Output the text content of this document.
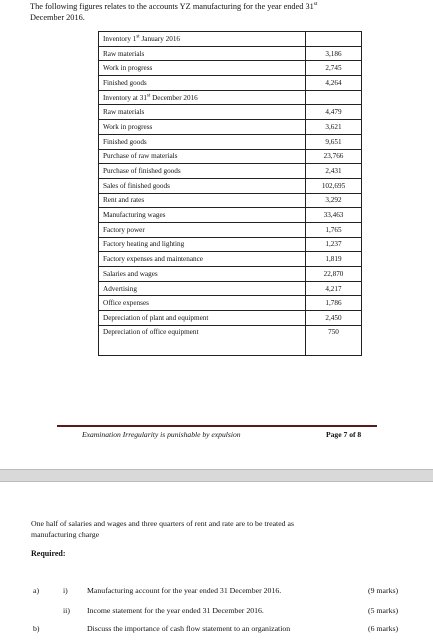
The following figures relates to the accounts YZ manufacturing for the year ended 31st
December 2016.
Inventory 1st January 2016	
Raw materials	3,186
Work in progress	2,745
Finished goods	4,264
Inventory at 31st December 2016	
Raw materials	4,479
Work in progress	3,621
Finished goods	9,651
Purchase of raw materials	23,766
Purchase of finished goods	2,431
Sales of finished goods	102,695
Rent and rates	3,292
Manufacturing wages	33,463
Factory power	1,765
Factory heating and lighting	1,237
Factory expenses and maintenance	1,819
Salaries and wages	22,870
Advertising	4,217
Office expenses	1,786
Depreciation of plant and equipment	2,450
Depreciation of office equipment	750
Examination Irregularity is punishable by expulsion	Page 7 of 8
One half of salaries and wages and three quarters of rent and rate are to be treated as
manufacturing charge
Required:
a)	i) Manufacturing account for the year ended 31 December 2016.	(9 marks)
ii) Income statement for the year ended 31 December 2016.	(5 marks)
b)	Discuss the importance of cash flow statement to an organization	(6 marks)
